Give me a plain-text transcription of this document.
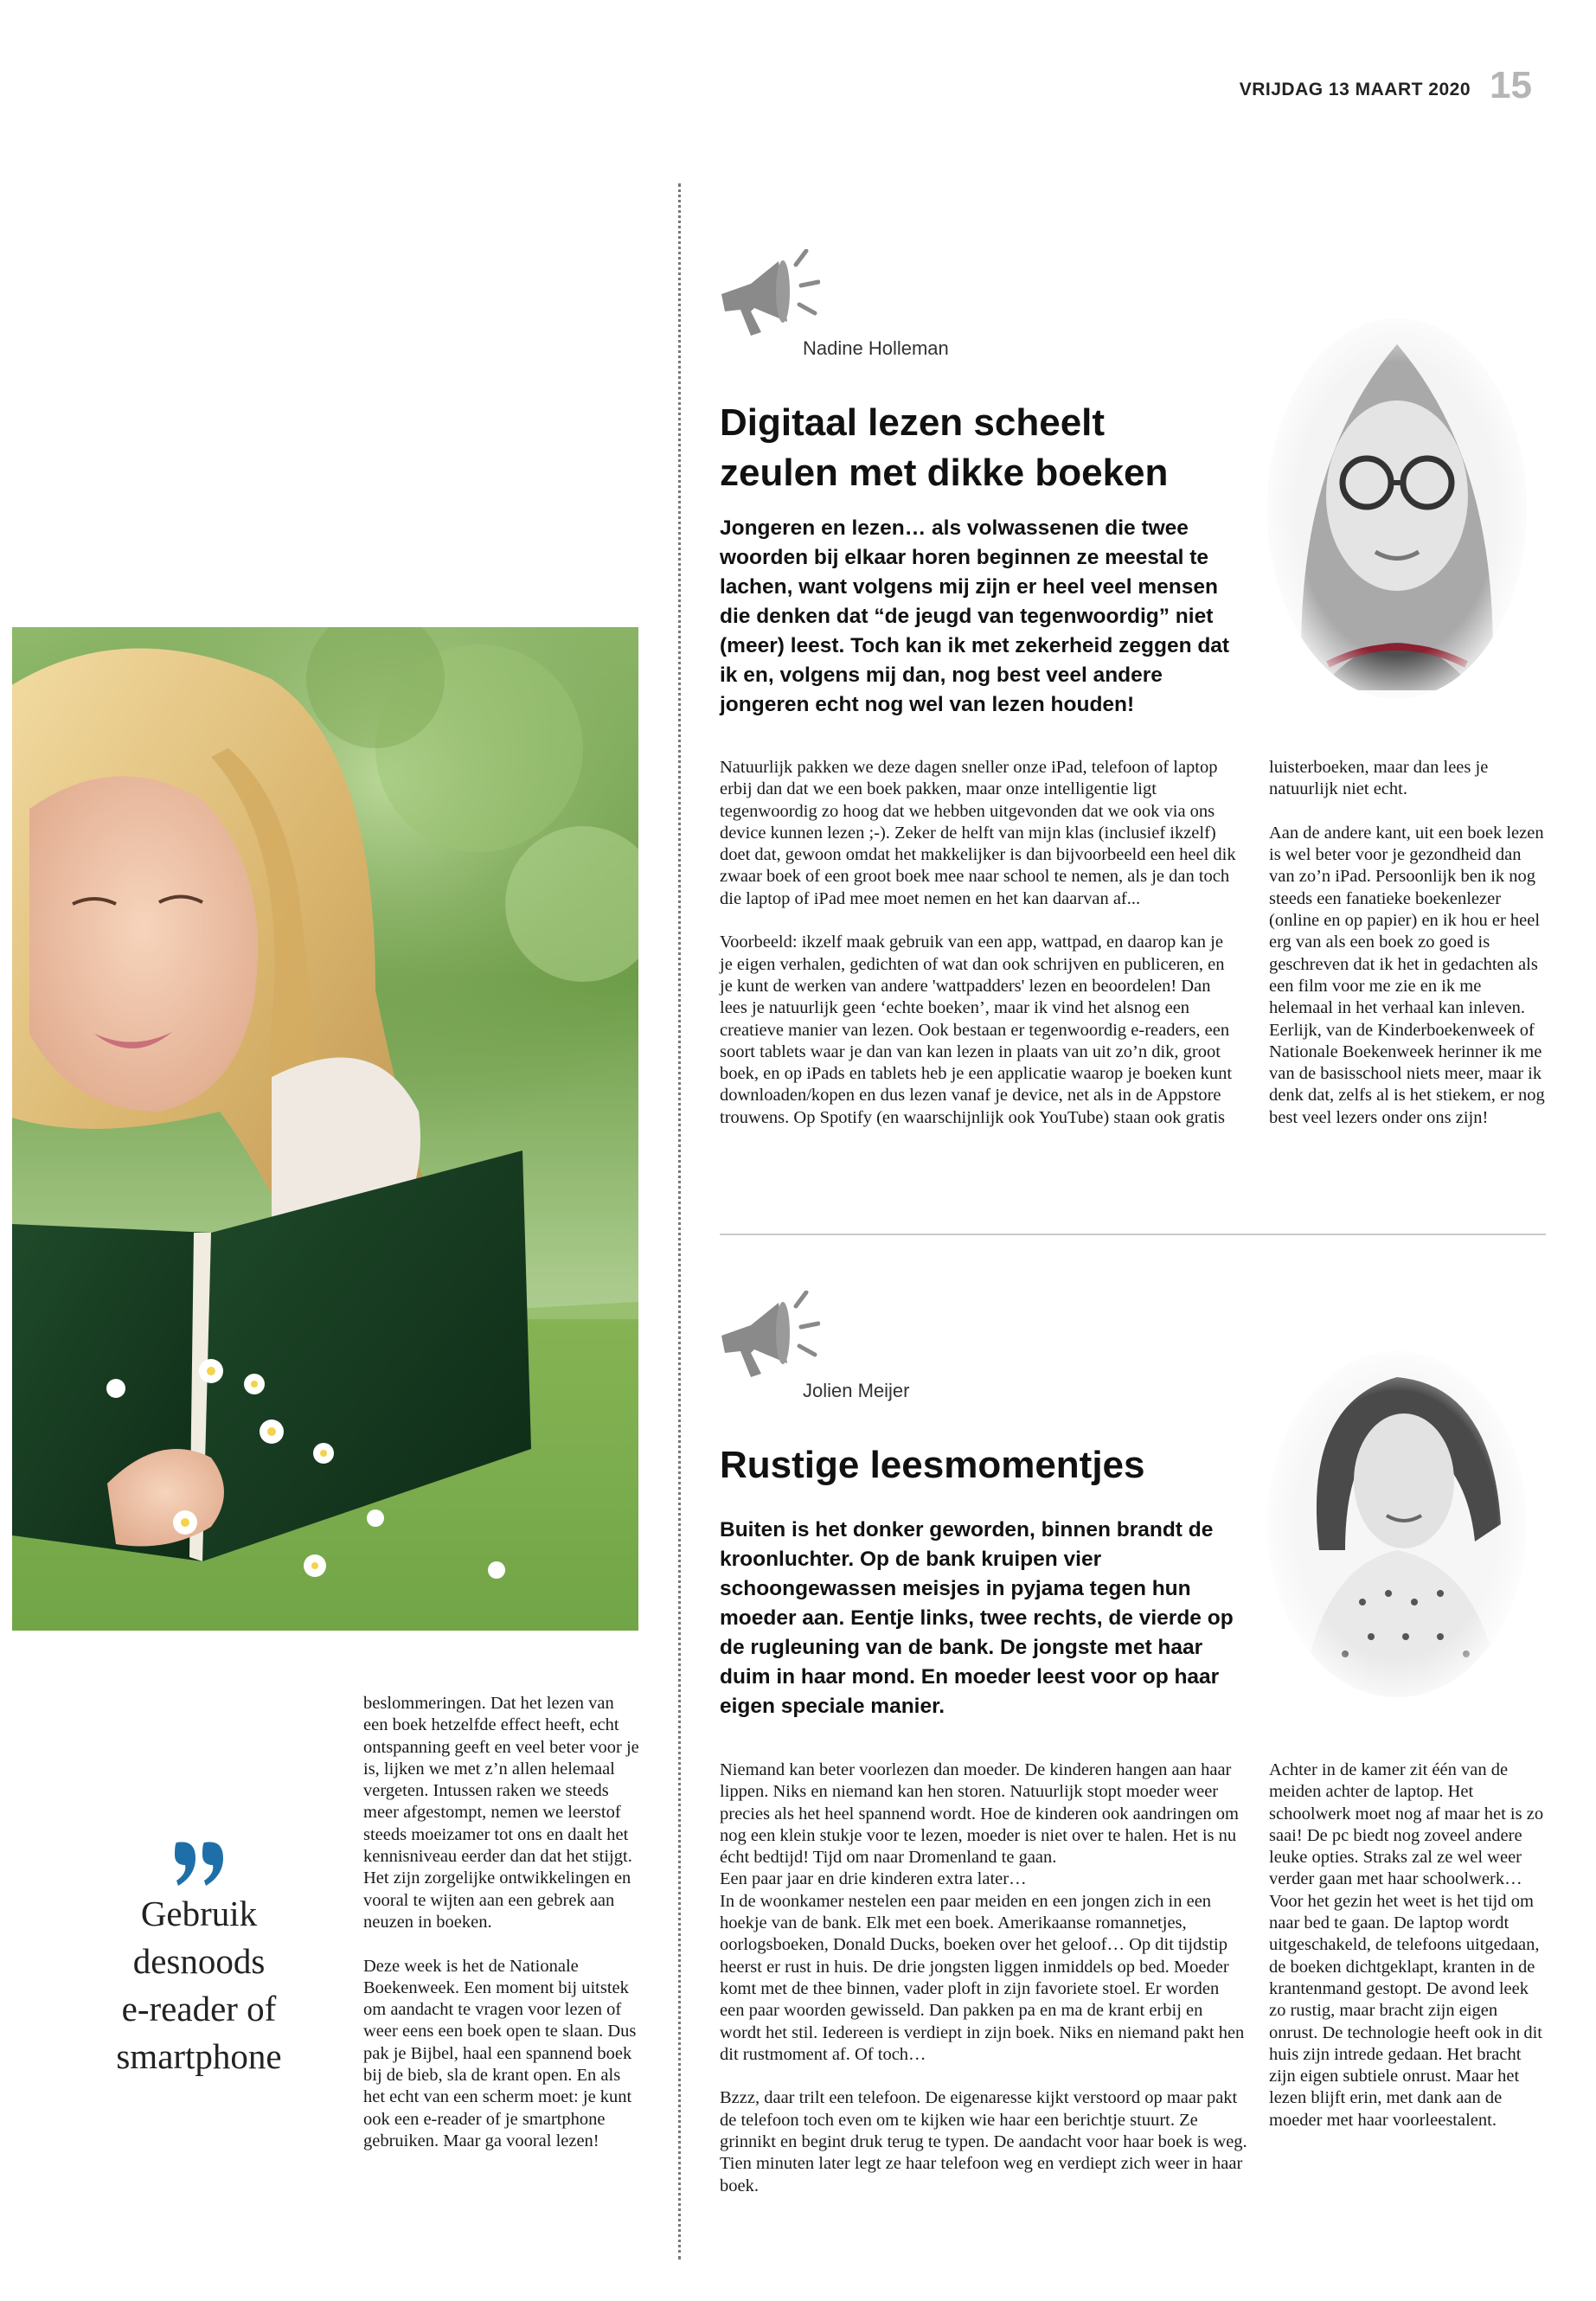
VRIJDAG 13 MAART 2020 15
Nadine Holleman
Digitaal lezen scheelt
zeulen met dikke boeken
Jongeren en lezen… als volwassenen die twee woorden bij elkaar horen beginnen ze meestal te lachen, want volgens mij zijn er heel veel mensen die denken dat “de jeugd van tegenwoordig” niet (meer) leest. Toch kan ik met zekerheid zeggen dat ik en, volgens mij dan, nog best veel andere jongeren echt nog wel van lezen houden!
Natuurlijk pakken we deze dagen sneller onze iPad, telefoon of laptop erbij dan dat we een boek pakken, maar onze intelligentie ligt tegenwoordig zo hoog dat we hebben uitgevonden dat we ook via ons device kunnen lezen ;-). Zeker de helft van mijn klas (inclusief ikzelf) doet dat, gewoon omdat het makkelijker is dan bijvoorbeeld een heel dik zwaar boek of een groot boek mee naar school te nemen, als je dan toch die laptop of iPad mee moet nemen en het kan daarvan af...

Voorbeeld: ikzelf maak gebruik van een app, wattpad, en daarop kan je je eigen verhalen, gedichten of wat dan ook schrijven en publiceren, en je kunt de werken van andere 'wattpadders' lezen en beoordelen! Dan lees je natuurlijk geen ‘echte boeken’, maar ik vind het alsnog een creatieve manier van lezen. Ook bestaan er tegenwoordig e-readers, een soort tablets waar je dan van kan lezen in plaats van uit zo’n dik, groot boek, en op iPads en tablets heb je een applicatie waarop je boeken kunt downloaden/kopen en dus lezen vanaf je device, net als in de Appstore trouwens. Op Spotify (en waarschijnlijk ook YouTube) staan ook gratis
luisterboeken, maar dan lees je natuurlijk niet echt.

Aan de andere kant, uit een boek lezen is wel beter voor je gezondheid dan van zo’n iPad. Persoonlijk ben ik nog steeds een fanatieke boekenlezer (online en op papier) en ik hou er heel erg van als een boek zo goed is geschreven dat ik het in gedachten als een film voor me zie en ik me helemaal in het verhaal kan inleven. Eerlijk, van de Kinderboekenweek of Nationale Boekenweek herinner ik me van de basisschool niets meer, maar ik denk dat, zelfs al is het stiekem, er nog best veel lezers onder ons zijn!
Jolien Meijer
Rustige leesmomentjes
Buiten is het donker geworden, binnen brandt de kroonluchter. Op de bank kruipen vier schoongewassen meisjes in pyjama tegen hun moeder aan. Eentje links, twee rechts, de vierde op de rugleuning van de bank. De jongste met haar duim in haar mond. En moeder leest voor op haar eigen speciale manier.
Niemand kan beter voorlezen dan moeder. De kinderen hangen aan haar lippen. Niks en niemand kan hen storen. Natuurlijk stopt moeder weer precies als het heel spannend wordt. Hoe de kinderen ook aandringen om nog een klein stukje voor te lezen, moeder is niet over te halen. Het is nu écht bedtijd! Tijd om naar Dromenland te gaan.
Een paar jaar en drie kinderen extra later…
In de woonkamer nestelen een paar meiden en een jongen zich in een hoekje van de bank. Elk met een boek. Amerikaanse romannetjes, oorlogsboeken, Donald Ducks, boeken over het geloof… Op dit tijdstip heerst er rust in huis. De drie jongsten liggen inmiddels op bed. Moeder komt met de thee binnen, vader ploft in zijn favoriete stoel. Er worden een paar woorden gewisseld. Dan pakken pa en ma de krant erbij en wordt het stil. Iedereen is verdiept in zijn boek. Niks en niemand pakt hen dit rustmoment af. Of toch…

Bzzz, daar trilt een telefoon. De eigenaresse kijkt verstoord op maar pakt de telefoon toch even om te kijken wie haar een berichtje stuurt. Ze grinnikt en begint druk terug te typen. De aandacht voor haar boek is weg. Tien minuten later legt ze haar telefoon weg en verdiept zich weer in haar boek.
Achter in de kamer zit één van de meiden achter de laptop. Het schoolwerk moet nog af maar het is zo saai! De pc biedt nog zoveel andere leuke opties. Straks zal ze wel weer verder gaan met haar schoolwerk…
Voor het gezin het weet is het tijd om naar bed te gaan. De laptop wordt uitgeschakeld, de telefoons uitgedaan, de boeken dichtgeklapt, kranten in de krantenmand gestopt. De avond leek zo rustig, maar bracht zijn eigen onrust. De technologie heeft ook in dit huis zijn intrede gedaan. Het bracht zijn eigen subtiele onrust. Maar het lezen blijft erin, met dank aan de moeder met haar voorleestalent.
beslommeringen. Dat het lezen van een boek hetzelfde effect heeft, echt ontspanning geeft en veel beter voor je is, lijken we met z’n allen helemaal vergeten. Intussen raken we steeds meer afgestompt, nemen we leerstof steeds moeizamer tot ons en daalt het kennisniveau eerder dan dat het stijgt. Het zijn zorgelijke ontwikkelingen en vooral te wijten aan een gebrek aan neuzen in boeken.

Deze week is het de Nationale Boekenweek. Een moment bij uitstek om aandacht te vragen voor lezen of weer eens een boek open te slaan. Dus pak je Bijbel, haal een spannend boek bij de bieb, sla de krant open. En als het echt van een scherm moet: je kunt ook een e-reader of je smartphone gebruiken. Maar ga vooral lezen!
Gebruik
desnoods
e-reader of
smartphone
